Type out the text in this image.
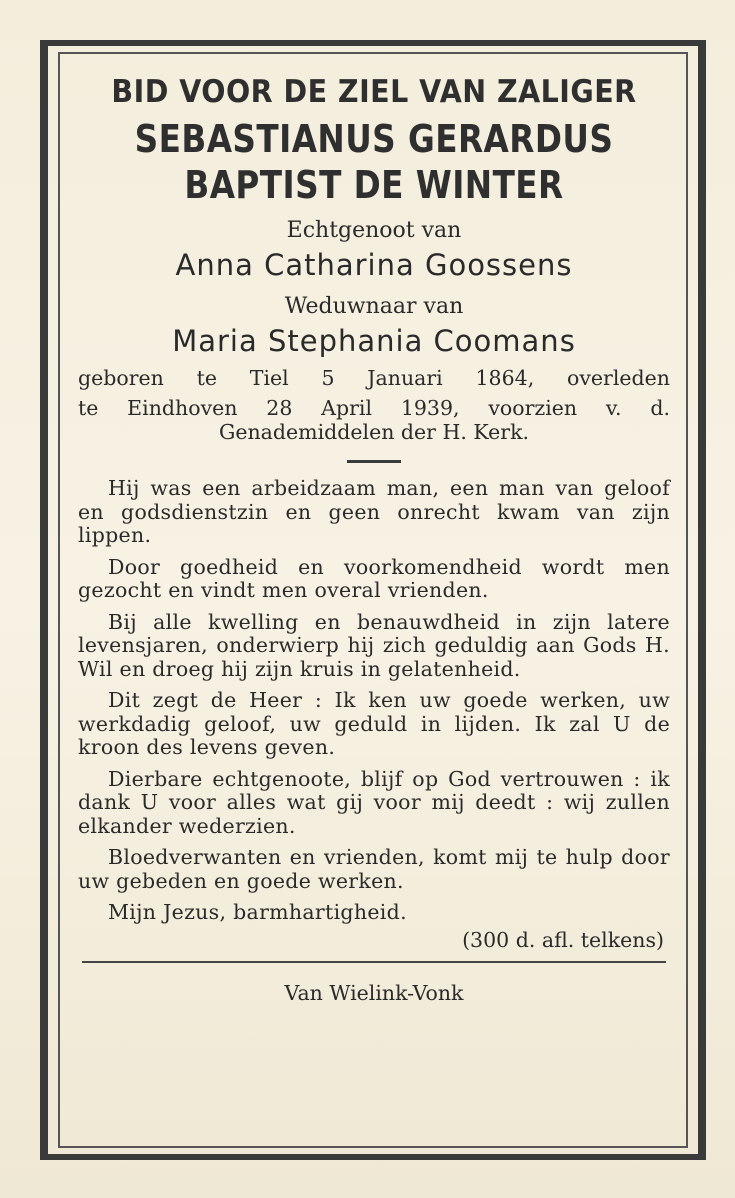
BID VOOR DE ZIEL VAN ZALIGER
SEBASTIANUS GERARDUS
BAPTIST DE WINTER
Echtgenoot van
Anna Catharina Goossens
Weduwnaar van
Maria Stephania Coomans
geboren te Tiel 5 Januari 1864, overleden
te Eindhoven 28 April 1939, voorzien v. d.
Genademiddelen der H. Kerk.
Hij was een arbeidzaam man, een man van geloof en godsdienstzin en geen onrecht kwam van zijn lippen.
Door goedheid en voorkomendheid wordt men gezocht en vindt men overal vrienden.
Bij alle kwelling en benauwdheid in zijn latere levensjaren, onderwierp hij zich geduldig aan Gods H. Wil en droeg hij zijn kruis in gelatenheid.
Dit zegt de Heer : Ik ken uw goede werken, uw werkdadig geloof, uw geduld in lijden. Ik zal U de kroon des levens geven.
Dierbare echtgenoote, blijf op God vertrouwen : ik dank U voor alles wat gij voor mij deedt : wij zullen elkander wederzien.
Bloedverwanten en vrienden, komt mij te hulp door uw gebeden en goede werken.
Mijn Jezus, barmhartigheid.
(300 d. afl. telkens)
Van Wielink-Vonk
